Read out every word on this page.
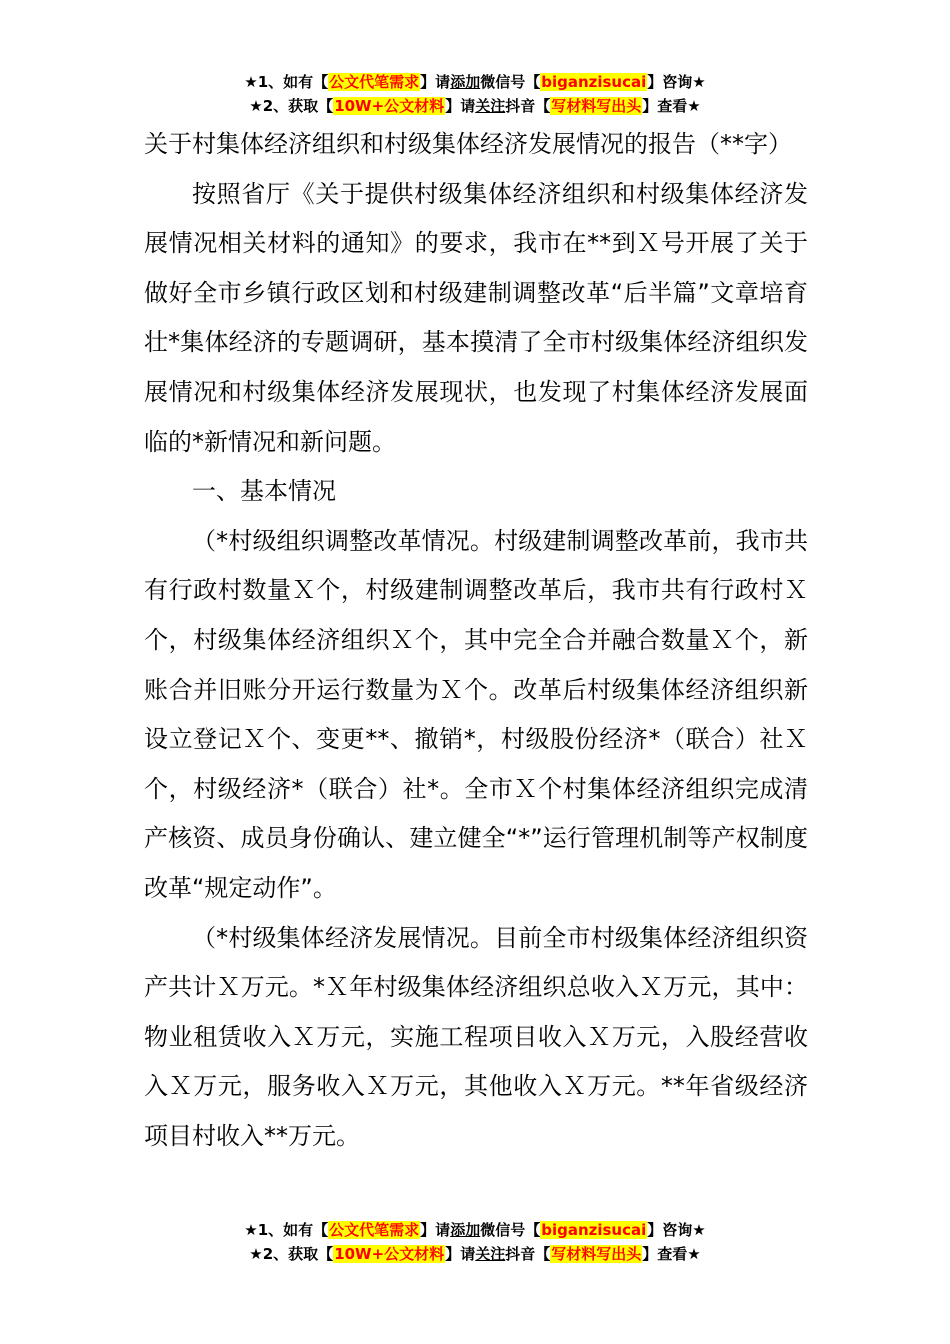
★1、如有【公文代笔需求】请添加微信号【biganzisucai】咨询★
★2、获取【10W+公文材料】请关注抖音【写材料写出头】查看★

关于村集体经济组织和村级集体经济发展情况的报告（**字）

按照省厅《关于提供村级集体经济组织和村级集体经济发展情况相关材料的通知》的要求，我市在**到Ｘ号开展了关于做好全市乡镇行政区划和村级建制调整改革“后半篇”文章培育壮*集体经济的专题调研，基本摸清了全市村级集体经济组织发展情况和村级集体经济发展现状，也发现了村集体经济发展面临的*新情况和新问题。

一、基本情况

（*村级组织调整改革情况。村级建制调整改革前，我市共有行政村数量Ｘ个，村级建制调整改革后，我市共有行政村Ｘ个，村级集体经济组织Ｘ个，其中完全合并融合数量Ｘ个，新账合并旧账分开运行数量为Ｘ个。改革后村级集体经济组织新设立登记Ｘ个、变更**、撤销*，村级股份经济*（联合）社Ｘ个，村级经济*（联合）社*。全市Ｘ个村集体经济组织完成清产核资、成员身份确认、建立健全“*”运行管理机制等产权制度改革“规定动作”。

（*村级集体经济发展情况。目前全市村级集体经济组织资产共计Ｘ万元。*Ｘ年村级集体经济组织总收入Ｘ万元，其中：物业租赁收入Ｘ万元，实施工程项目收入Ｘ万元，入股经营收入Ｘ万元，服务收入Ｘ万元，其他收入Ｘ万元。**年省级经济项目村收入**万元。

★1、如有【公文代笔需求】请添加微信号【biganzisucai】咨询★
★2、获取【10W+公文材料】请关注抖音【写材料写出头】查看★
